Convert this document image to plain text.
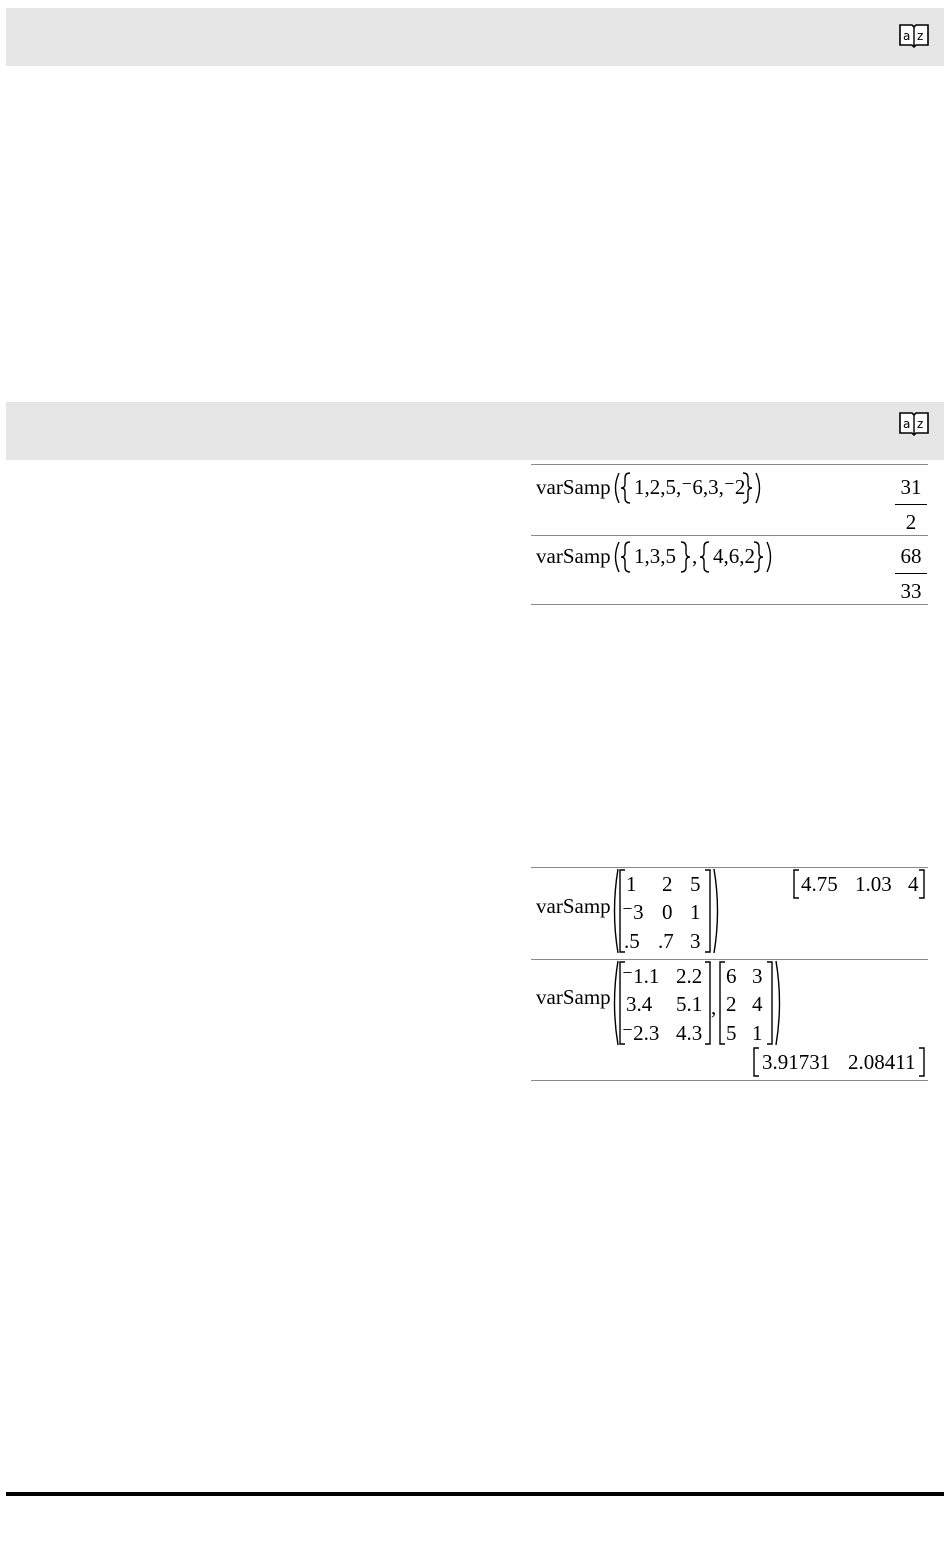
a z
a z
varSamp 1,2,5,⁻6,3,⁻2	$\frac{31}{2}$
varSamp 1,3,5 , 4,6,2	$\frac{68}{33}$
varSamp
1 2 5
⁻3 0 1
.5 .7 3
4.75 1.03 4
varSamp
⁻1.1 2.2
3.4 5.1
⁻2.3 4.3
,
6 3
2 4
5 1
3.91731 2.08411
